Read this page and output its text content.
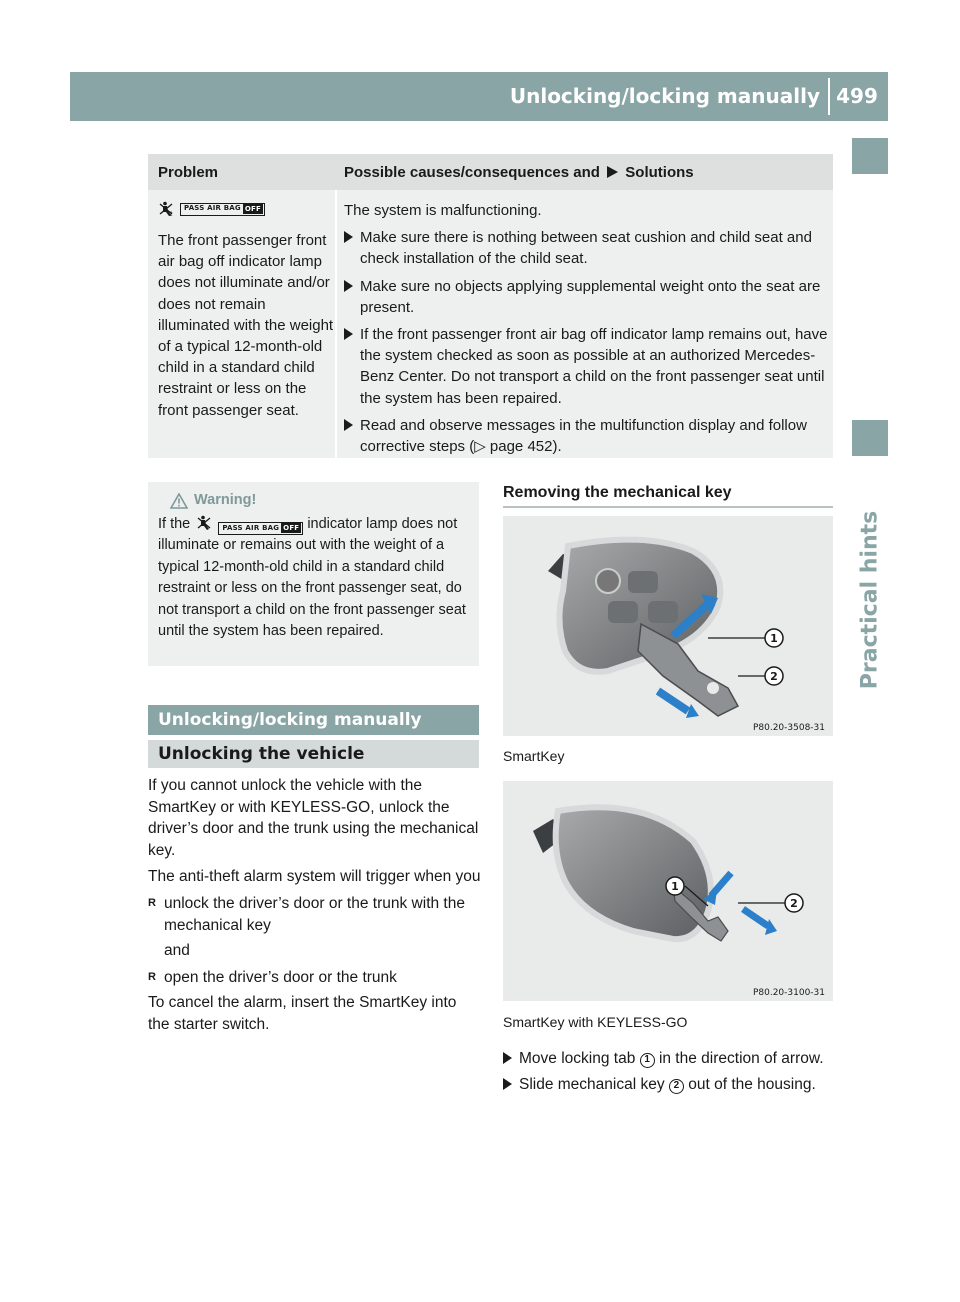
Unlocking/locking manually 499
Practical hints
Problem	Possible causes/consequences and Solutions
2
PASS AIR BAG OFF
The front passenger front air bag off indicator lamp does not illuminate and/or does not remain illuminated with the weight of a typical 12-month-old child in a standard child restraint or less on the front passenger seat.
The system is malfunctioning.
Make sure there is nothing between seat cushion and child seat and check installation of the child seat.
Make sure no objects applying supplemental weight onto the seat are present.
If the front passenger front air bag off indicator lamp remains out, have the system checked as soon as possible at an authorized Mercedes-Benz Center. Do not transport a child on the front passenger seat until the system has been repaired.
Read and observe messages in the multifunction display and follow corrective steps (▷ page 452).
Warning!
If the	PASS AIR BAG OFF indicator lamp does not illuminate or remains out with the weight of a typical 12-month-old child in a standard child restraint or less on the front passenger seat, do not transport a child on the front passenger seat until the system has been repaired.
Unlocking/locking manually
Unlocking the vehicle

If you cannot unlock the vehicle with the SmartKey or with KEYLESS-GO, unlock the driver’s door and the trunk using the mechanical key.

The anti-theft alarm system will trigger when you

R unlock the driver’s door or the trunk with the mechanical key
and
R open the driver’s door or the trunk

To cancel the alarm, insert the SmartKey into the starter switch.

Removing the mechanical key
1
2
P80.20-3508-31
SmartKey
1
2
P80.20-3100-31
SmartKey with KEYLESS-GO
Move locking tab 1 in the direction of arrow.
Slide mechanical key 2 out of the housing.
